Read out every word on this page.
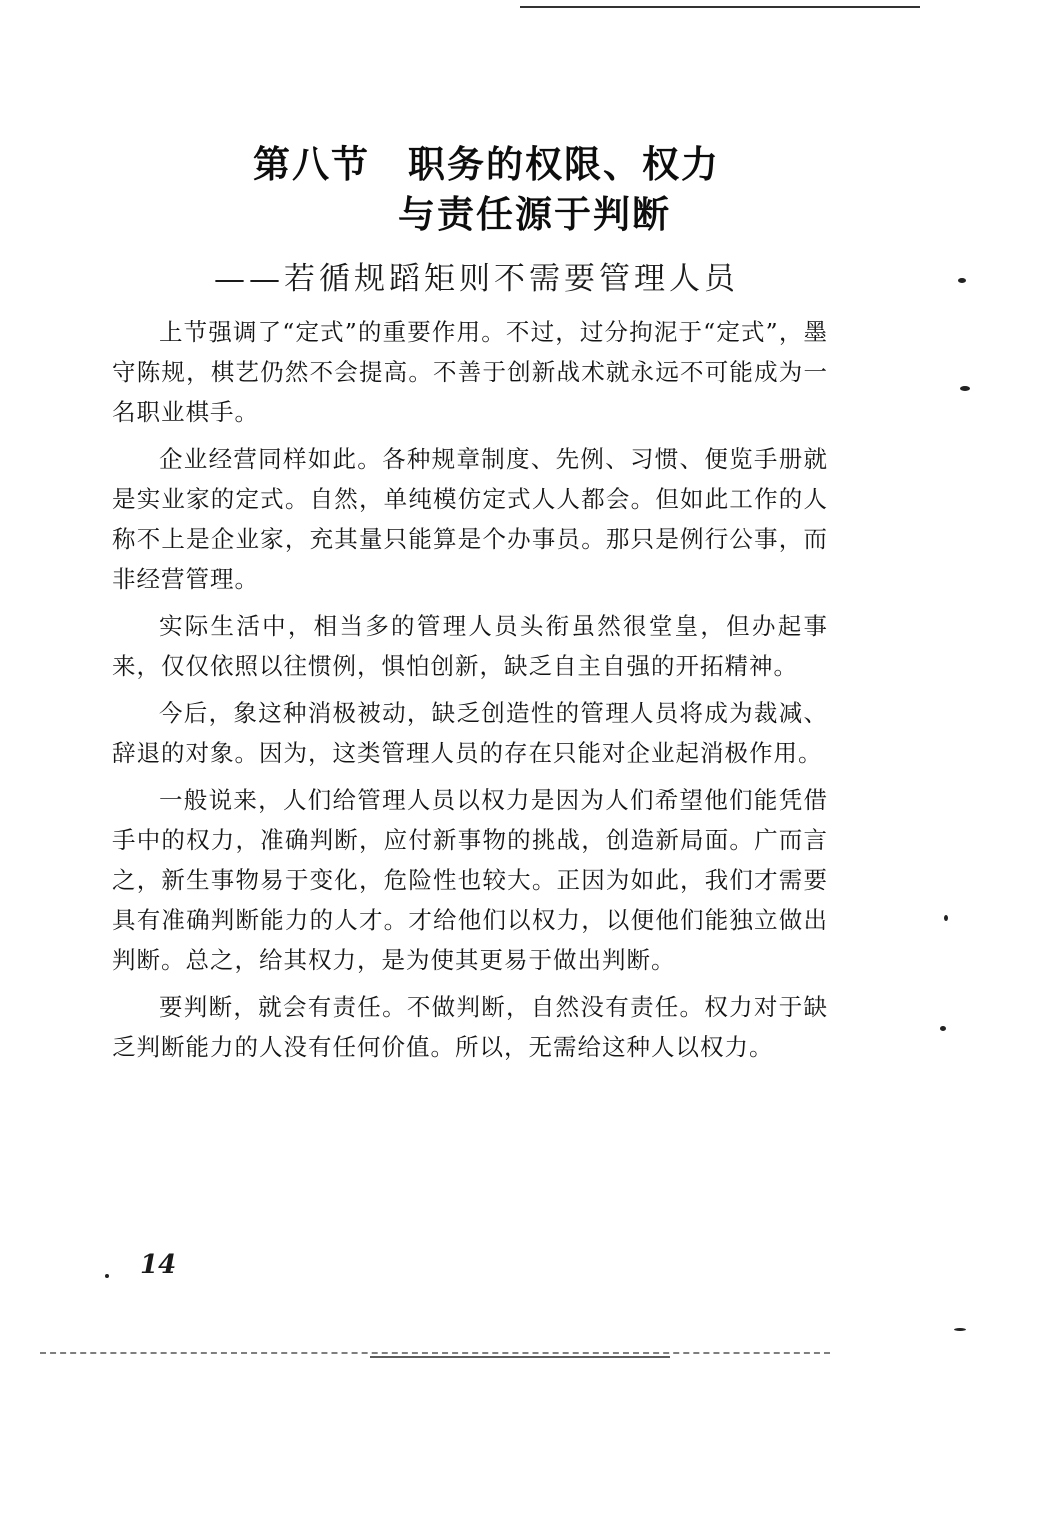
第八节 职务的权限、权力
与责任源于判断
——若循规蹈矩则不需要管理人员

上节强调了“定式”的重要作用。不过，过分拘泥于“定式”，墨守陈规，棋艺仍然不会提高。不善于创新战术就永远不可能成为一名职业棋手。

企业经营同样如此。各种规章制度、先例、习惯、便览手册就是实业家的定式。自然，单纯模仿定式人人都会。但如此工作的人称不上是企业家，充其量只能算是个办事员。那只是例行公事，而非经营管理。

实际生活中，相当多的管理人员头衔虽然很堂皇，但办起事来，仅仅依照以往惯例，惧怕创新，缺乏自主自强的开拓精神。

今后，象这种消极被动，缺乏创造性的管理人员将成为裁减、辞退的对象。因为，这类管理人员的存在只能对企业起消极作用。

一般说来，人们给管理人员以权力是因为人们希望他们能凭借手中的权力，准确判断，应付新事物的挑战，创造新局面。广而言之，新生事物易于变化，危险性也较大。正因为如此，我们才需要具有准确判断能力的人才。才给他们以权力，以便他们能独立做出判断。总之，给其权力，是为使其更易于做出判断。

要判断，就会有责任。不做判断，自然没有责任。权力对于缺乏判断能力的人没有任何价值。所以，无需给这种人以权力。

14
